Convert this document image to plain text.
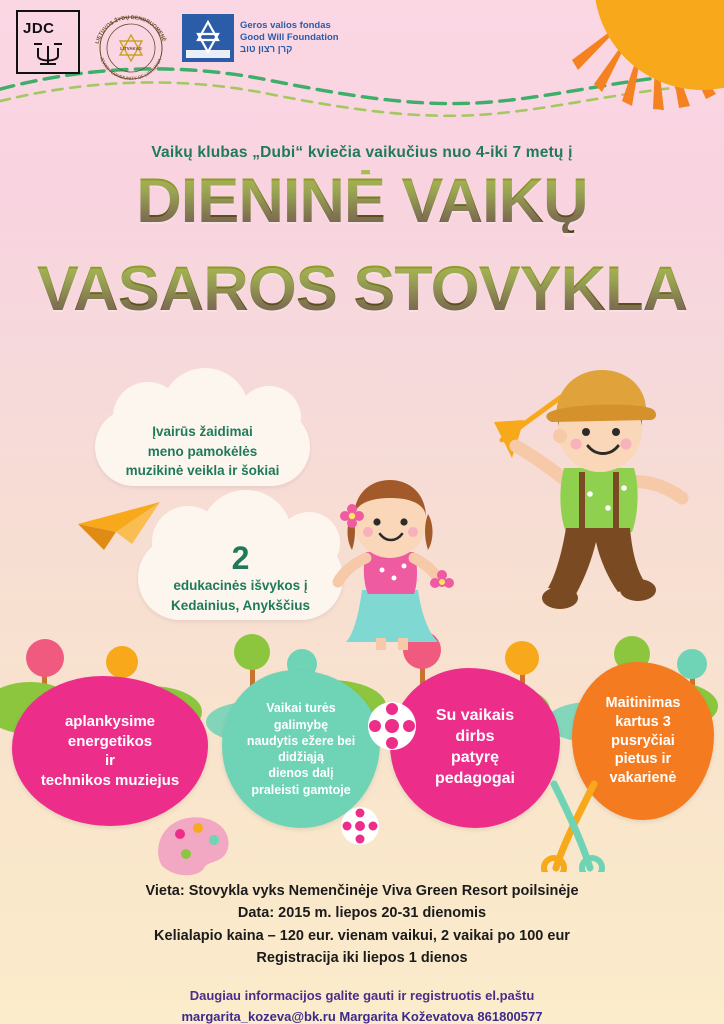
JDC
LIETUVOS ŽYDŲ BENDRUOMENĖ
JEWISH COMMUNITY OF LITHUANIA
LITVAKAS
Geros valios fondas
Good Will Foundation
קרן רצון טוב
Vaikų klubas „Dubi“ kviečia vaikučius nuo 4-iki 7 metų į
DIENINĖ VAIKŲ
VASAROS STOVYKLA
Įvairūs žaidimai
meno pamokėlės
muzikinė veikla ir šokiai
2
edukacinės išvykos į
Kedainius, Anykščius
aplankysime
energetikos
ir
technikos muziejus
Vaikai turės
galimybę
naudytis ežere bei
didžiąją
dienos dalį
praleisti gamtoje
Su vaikais
dirbs
patyrę
pedagogai
Maitinimas
kartus 3
pusryčiai
pietus ir
vakarienė
Vieta: Stovykla vyks Nemenčinėje Viva Green Resort poilsinėje
Data: 2015 m. liepos 20-31 dienomis
Kelialapio kaina – 120 eur. vienam vaikui, 2 vaikai po 100 eur
Registracija iki liepos 1 dienos
Daugiau informacijos galite gauti ir registruotis el.paštu
margarita_kozeva@bk.ru Margarita Koževatova 861800577
